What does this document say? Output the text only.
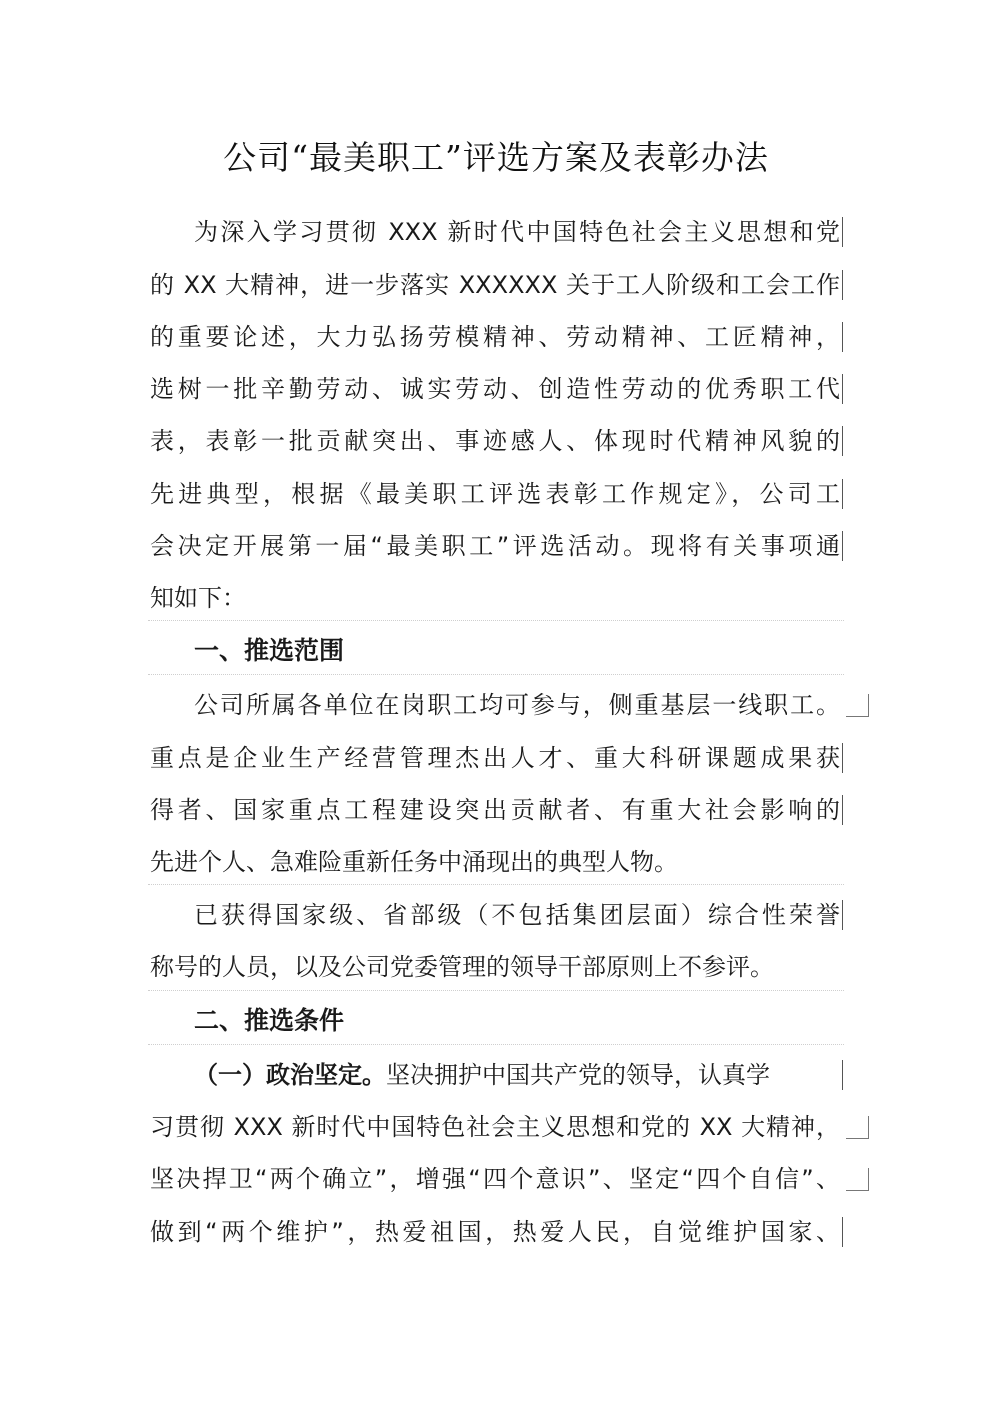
公司“最美职工”评选方案及表彰办法
为深入学习贯彻 XXX 新时代中国特色社会主义思想和党
的 XX 大精神，进一步落实 XXXXXX 关于工人阶级和工会工作
的重要论述，大力弘扬劳模精神、劳动精神、工匠精神，
选树一批辛勤劳动、诚实劳动、创造性劳动的优秀职工代
表，表彰一批贡献突出、事迹感人、体现时代精神风貌的
先进典型，根据《最美职工评选表彰工作规定》，公司工
会决定开展第一届“最美职工”评选活动。现将有关事项通
知如下：
一、推选范围
公司所属各单位在岗职工均可参与，侧重基层一线职工。
重点是企业生产经营管理杰出人才、重大科研课题成果获
得者、国家重点工程建设突出贡献者、有重大社会影响的
先进个人、急难险重新任务中涌现出的典型人物。
已获得国家级、省部级（不包括集团层面）综合性荣誉
称号的人员，以及公司党委管理的领导干部原则上不参评。
二、推选条件
（一）政治坚定。坚决拥护中国共产党的领导，认真学
习贯彻 XXX 新时代中国特色社会主义思想和党的 XX 大精神，
坚决捍卫“两个确立”，增强“四个意识”、坚定“四个自信”、
做到“两个维护”，热爱祖国，热爱人民，自觉维护国家、
